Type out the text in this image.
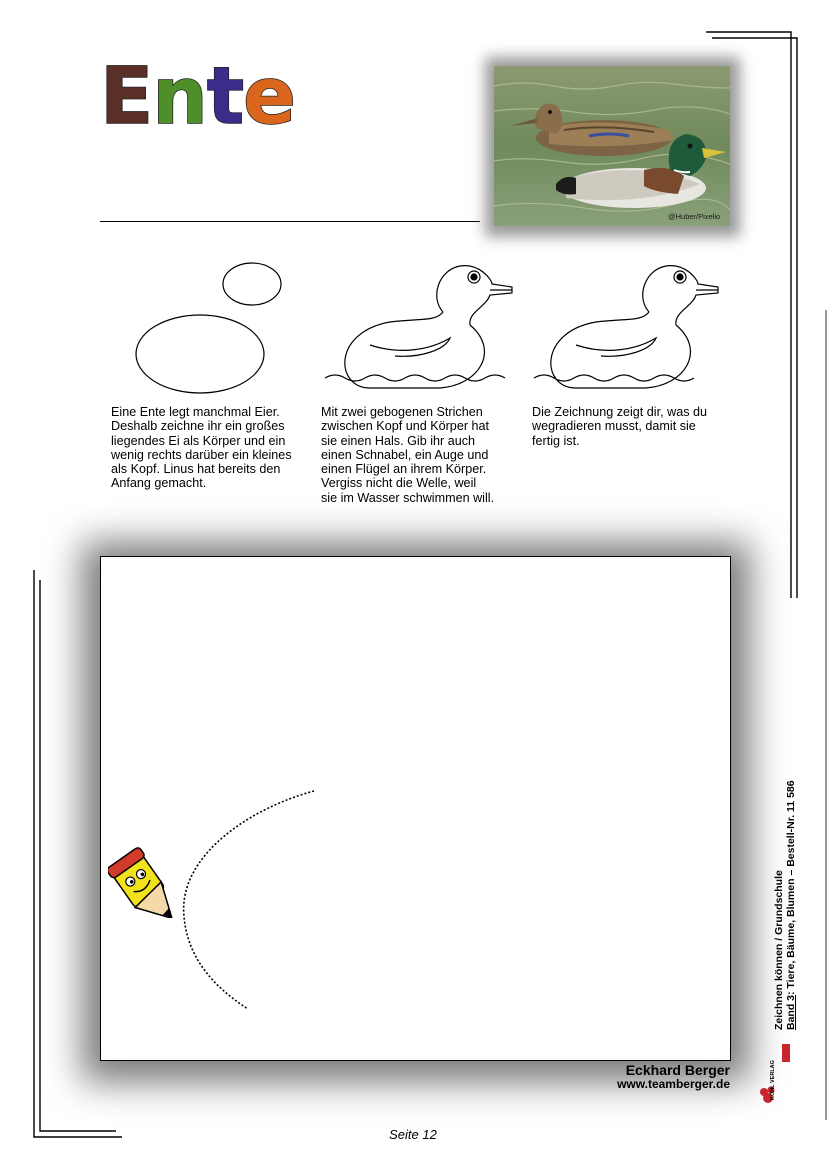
Ente
@Huber/Pixelio
Eine Ente legt manchmal Eier.
Deshalb zeichne ihr ein großes
liegendes Ei als Körper und ein
wenig rechts darüber ein kleines
als Kopf. Linus hat bereits den
Anfang gemacht.
Mit zwei gebogenen Strichen
zwischen Kopf und Körper hat
sie einen Hals. Gib ihr auch
einen Schnabel, ein Auge und
einen Flügel an ihrem Körper.
Vergiss nicht die Welle, weil
sie im Wasser schwimmen will.
Die Zeichnung zeigt dir, was du
wegradieren musst, damit sie
fertig ist.
Eckhard Berger
www.teamberger.de
Seite 12
Zeichnen können / Grundschule Band 3: Tiere, Bäume, Blumen – Bestell-Nr. 11 586
KOHL VERLAG
